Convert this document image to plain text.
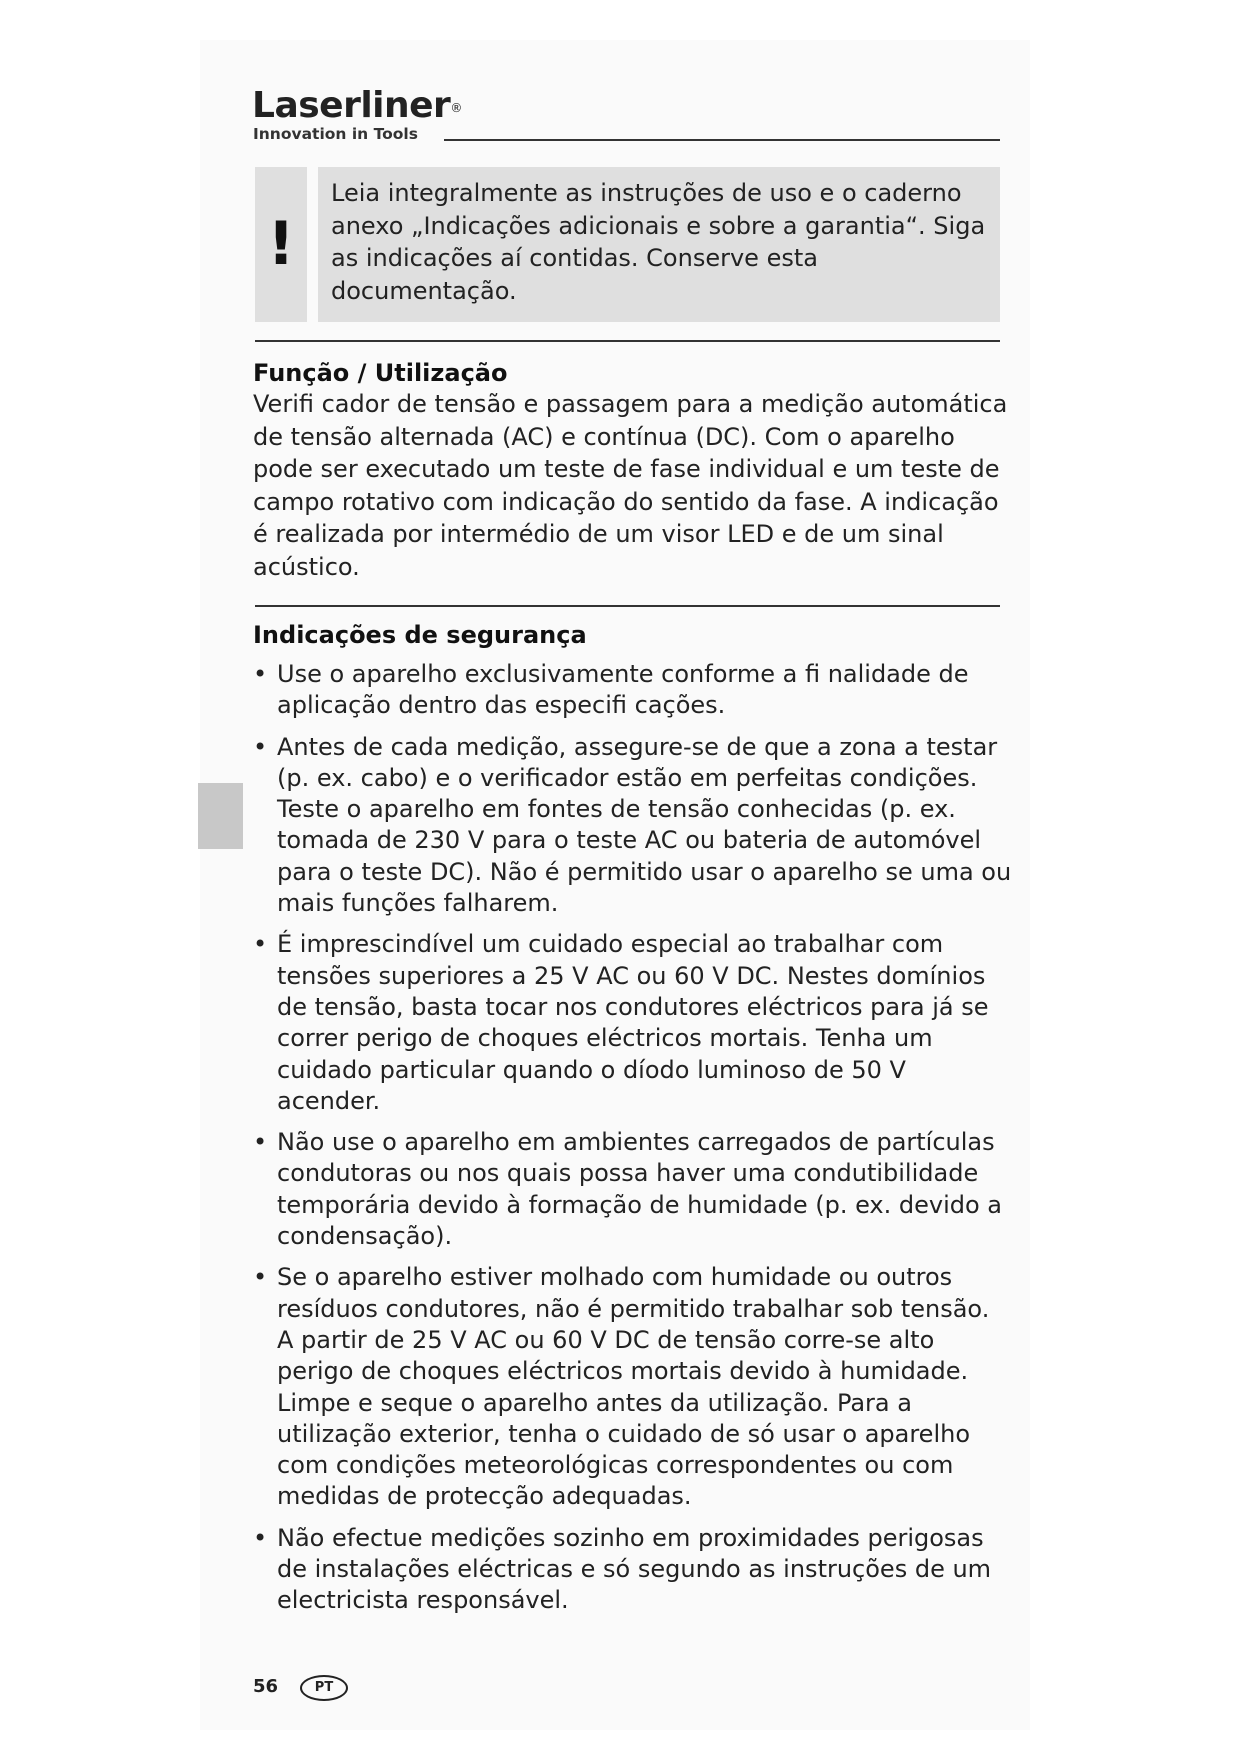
Laserliner®
Innovation in Tools
!
Leia integralmente as instruções de uso e o caderno anexo „Indicações adicionais e sobre a garantia“. Siga as indicações aí contidas. Conserve esta documentação.
Função / Utilização
Verifi cador de tensão e passagem para a medição automática de tensão alternada (AC) e contínua (DC). Com o aparelho pode ser executado um teste de fase individual e um teste de campo rotativo com indicação do sentido da fase. A indicação é realizada por intermédio de um visor LED e de um sinal acústico.
Indicações de segurança
• Use o aparelho exclusivamente conforme a fi nalidade de aplicação dentro das especifi cações.
• Antes de cada medição, assegure-se de que a zona a testar (p. ex. cabo) e o verificador estão em perfeitas condições. Teste o aparelho em fontes de tensão conhecidas (p. ex. tomada de 230 V para o teste AC ou bateria de automóvel para o teste DC). Não é permitido usar o aparelho se uma ou mais funções falharem.
• É imprescindível um cuidado especial ao trabalhar com tensões superiores a 25 V AC ou 60 V DC. Nestes domínios de tensão, basta tocar nos condutores eléctricos para já se correr perigo de choques eléctricos mortais. Tenha um cuidado particular quando o díodo luminoso de 50 V acender.
• Não use o aparelho em ambientes carregados de partículas condutoras ou nos quais possa haver uma condutibilidade temporária devido à formação de humidade (p. ex. devido a condensação).
• Se o aparelho estiver molhado com humidade ou outros resíduos condutores, não é permitido trabalhar sob tensão. A partir de 25 V AC ou 60 V DC de tensão corre-se alto perigo de choques eléctricos mortais devido à humidade. Limpe e seque o aparelho antes da utilização. Para a utilização exterior, tenha o cuidado de só usar o aparelho com condições meteorológicas correspondentes ou com medidas de protecção adequadas.
• Não efectue medições sozinho em proximidades perigosas de instalações eléctricas e só segundo as instruções de um electricista responsável.
56	PT
